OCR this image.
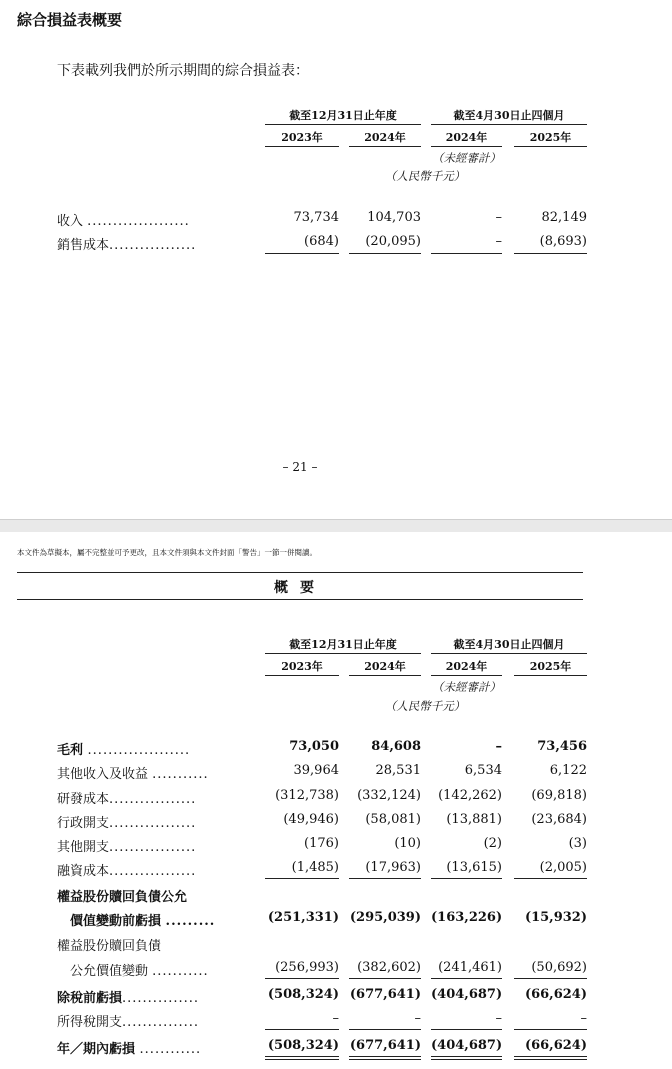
綜合損益表概要
下表載列我們於所示期間的綜合損益表：
截至12月31日止年度	截至4月30日止四個月
2023年	2024年	2024年	2025年
（未經審計）
（人民幣千元）
收入 ....................	73,734	104,703	–	82,149
銷售成本.................	(684)	(20,095)	–	(8,693)
– 21 –
本文件為草擬本，屬不完整並可予更改，且本文件須與本文件封面「警告」一節一併閱讀。
概要
截至12月31日止年度	截至4月30日止四個月
2023年	2024年	2024年	2025年
（未經審計）
（人民幣千元）
毛利 ....................	73,050	84,608	–	73,456
其他收入及收益 ...........	39,964	28,531	6,534	6,122
研發成本.................	(312,738)	(332,124)	(142,262)	(69,818)
行政開支.................	(49,946)	(58,081)	(13,881)	(23,684)
其他開支.................	(176)	(10)	(2)	(3)
融資成本.................	(1,485)	(17,963)	(13,615)	(2,005)
權益股份贖回負債公允
　價值變動前虧損 .........	(251,331) (295,039) (163,226)	(15,932)
權益股份贖回負債
　公允價值變動 ...........	(256,993)	(382,602)	(241,461)	(50,692)
除稅前虧損...............	(508,324) (677,641) (404,687)	(66,624)
所得稅開支...............	–	–	–	–
年／期內虧損 ............	(508,324) (677,641) (404,687)	(66,624)
